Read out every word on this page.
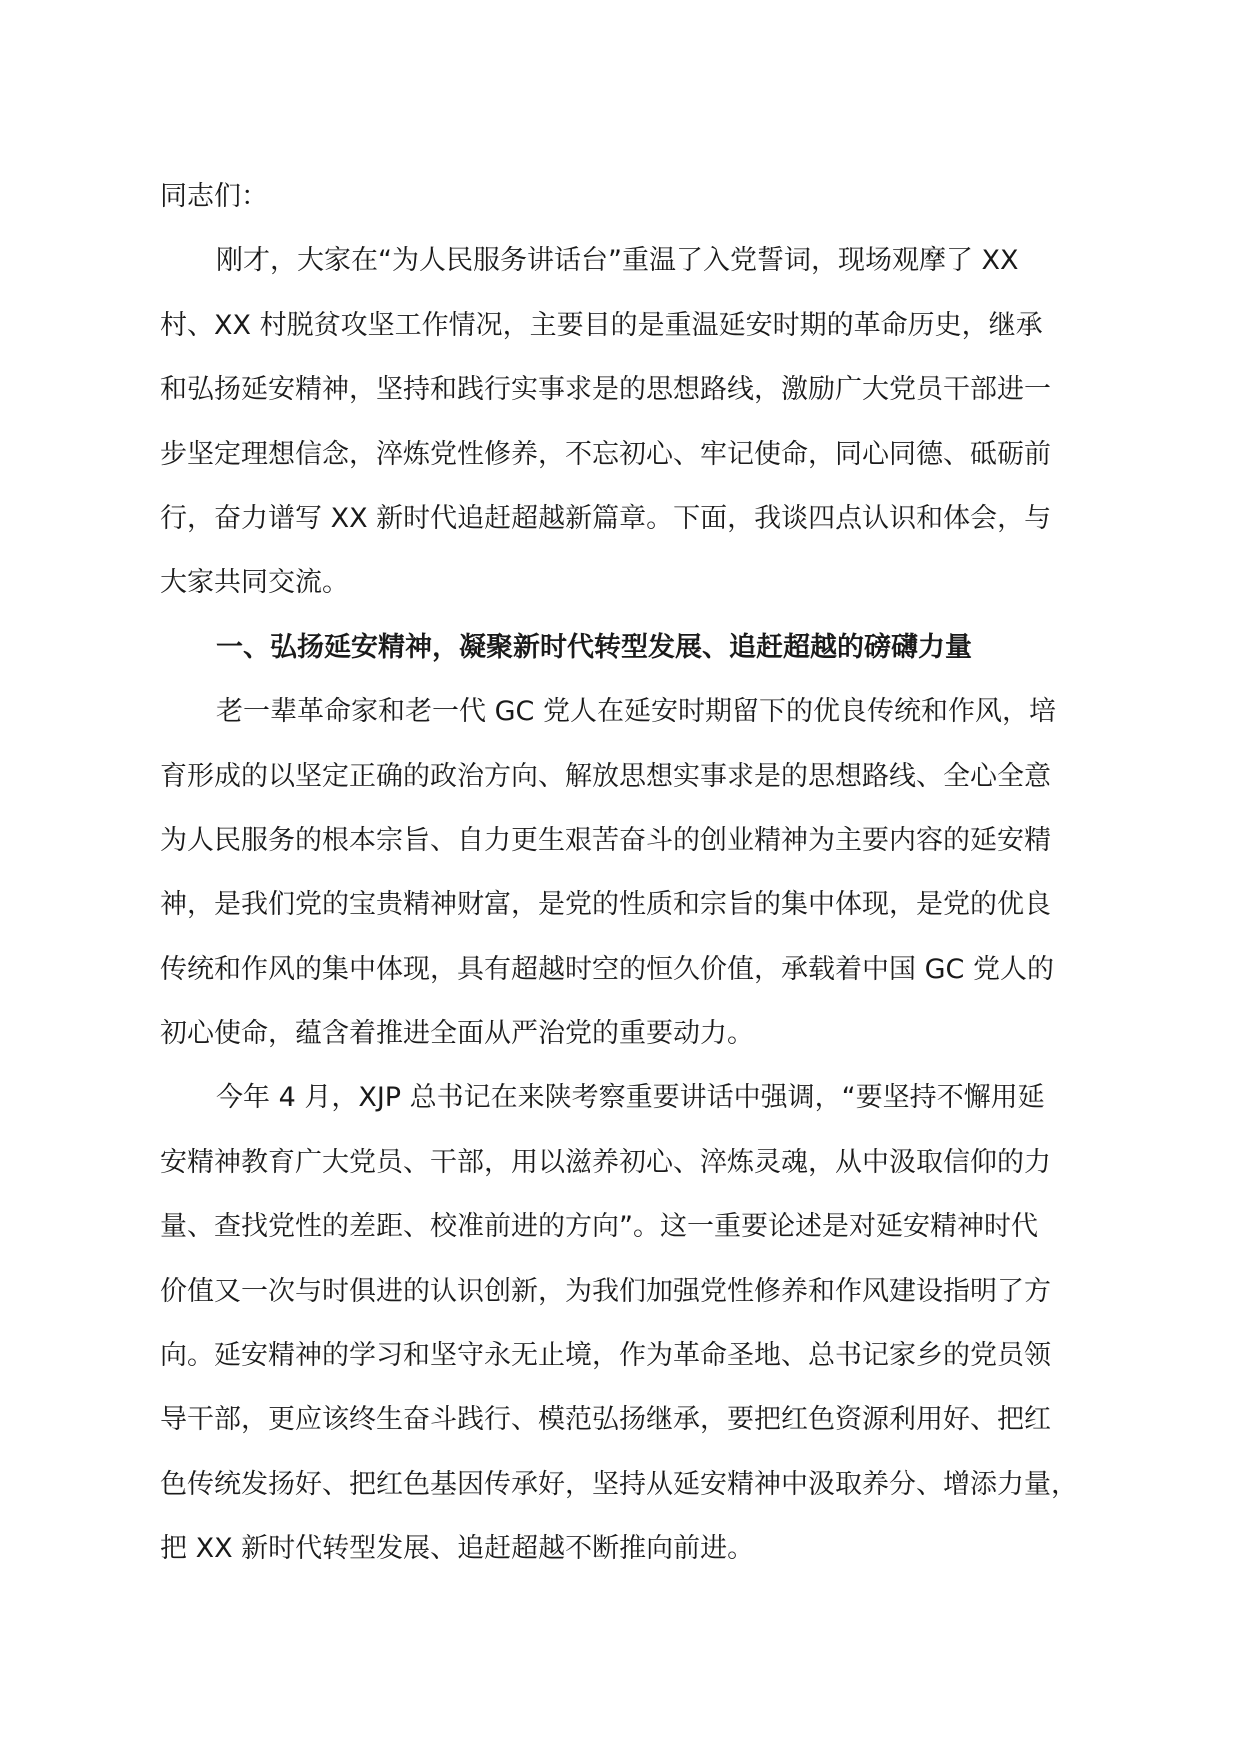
同志们：

刚才，大家在“为人民服务讲话台”重温了入党誓词，现场观摩了 XX

村、XX 村脱贫攻坚工作情况，主要目的是重温延安时期的革命历史，继承

和弘扬延安精神，坚持和践行实事求是的思想路线，激励广大党员干部进一

步坚定理想信念，淬炼党性修养，不忘初心、牢记使命，同心同德、砥砺前

行，奋力谱写 XX 新时代追赶超越新篇章。下面，我谈四点认识和体会，与

大家共同交流。

一、弘扬延安精神，凝聚新时代转型发展、追赶超越的磅礴力量

老一辈革命家和老一代 GC 党人在延安时期留下的优良传统和作风，培

育形成的以坚定正确的政治方向、解放思想实事求是的思想路线、全心全意

为人民服务的根本宗旨、自力更生艰苦奋斗的创业精神为主要内容的延安精

神，是我们党的宝贵精神财富，是党的性质和宗旨的集中体现，是党的优良

传统和作风的集中体现，具有超越时空的恒久价值，承载着中国 GC 党人的

初心使命，蕴含着推进全面从严治党的重要动力。

今年 4 月，XJP 总书记在来陕考察重要讲话中强调，“要坚持不懈用延

安精神教育广大党员、干部，用以滋养初心、淬炼灵魂，从中汲取信仰的力

量、查找党性的差距、校准前进的方向”。这一重要论述是对延安精神时代

价值又一次与时俱进的认识创新，为我们加强党性修养和作风建设指明了方

向。延安精神的学习和坚守永无止境，作为革命圣地、总书记家乡的党员领

导干部，更应该终生奋斗践行、模范弘扬继承，要把红色资源利用好、把红

色传统发扬好、把红色基因传承好，坚持从延安精神中汲取养分、增添力量，

把 XX 新时代转型发展、追赶超越不断推向前进。
